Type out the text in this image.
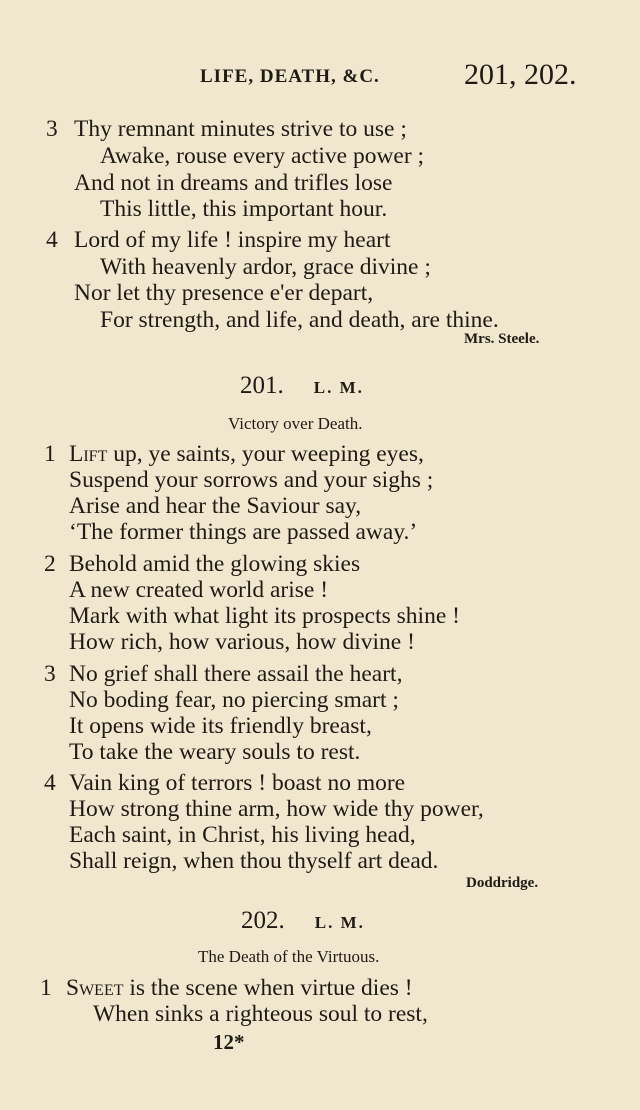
LIFE, DEATH, &C.	201, 202.
3 Thy remnant minutes strive to use ;
Awake, rouse every active power ;
And not in dreams and trifles lose
This little, this important hour.
4 Lord of my life ! inspire my heart
With heavenly ardor, grace divine ;
Nor let thy presence e'er depart,
For strength, and life, and death, are thine.
Mrs. Steele.
201. L. M.
Victory over Death.
1 Lift up, ye saints, your weeping eyes,
Suspend your sorrows and your sighs ;
Arise and hear the Saviour say,
‘The former things are passed away.’
2 Behold amid the glowing skies
A new created world arise !
Mark with what light its prospects shine !
How rich, how various, how divine !
3 No grief shall there assail the heart,
No boding fear, no piercing smart ;
It opens wide its friendly breast,
To take the weary souls to rest.
4 Vain king of terrors ! boast no more
How strong thine arm, how wide thy power,
Each saint, in Christ, his living head,
Shall reign, when thou thyself art dead.
Doddridge.
202. L. M.
The Death of the Virtuous.
1 Sweet is the scene when virtue dies !
When sinks a righteous soul to rest,
12*
